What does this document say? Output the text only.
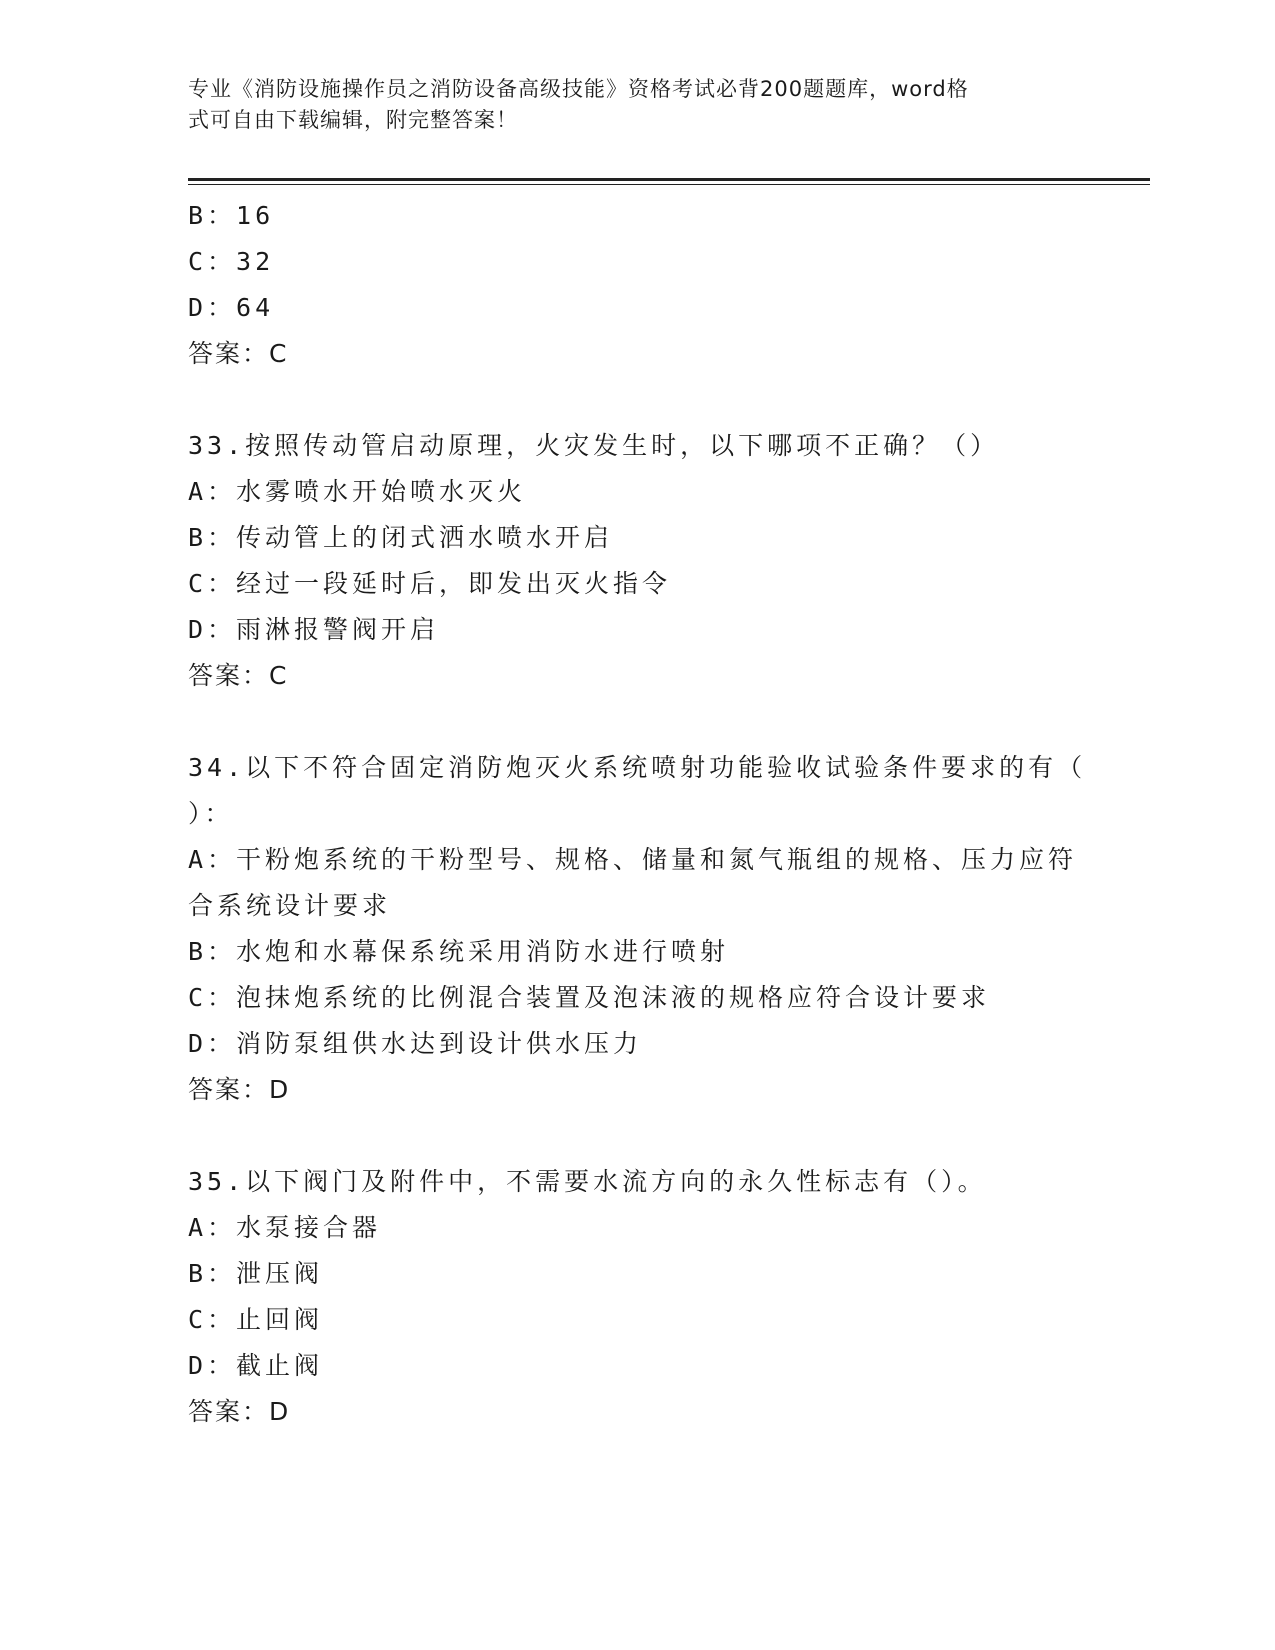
专业《消防设施操作员之消防设备高级技能》资格考试必背200题题库，word格
式可自由下载编辑，附完整答案！
B：16
C：32
D：64
答案：C
33.按照传动管启动原理，火灾发生时，以下哪项不正确？（）
A：水雾喷水开始喷水灭火
B：传动管上的闭式洒水喷水开启
C：经过一段延时后，即发出灭火指令
D：雨淋报警阀开启
答案：C
34.以下不符合固定消防炮灭火系统喷射功能验收试验条件要求的有（
）：
A：干粉炮系统的干粉型号、规格、储量和氮气瓶组的规格、压力应符
合系统设计要求
B：水炮和水幕保系统采用消防水进行喷射
C：泡抹炮系统的比例混合装置及泡沫液的规格应符合设计要求
D：消防泵组供水达到设计供水压力
答案：D
35.以下阀门及附件中，不需要水流方向的永久性标志有（）。
A：水泵接合器
B：泄压阀
C：止回阀
D：截止阀
答案：D
